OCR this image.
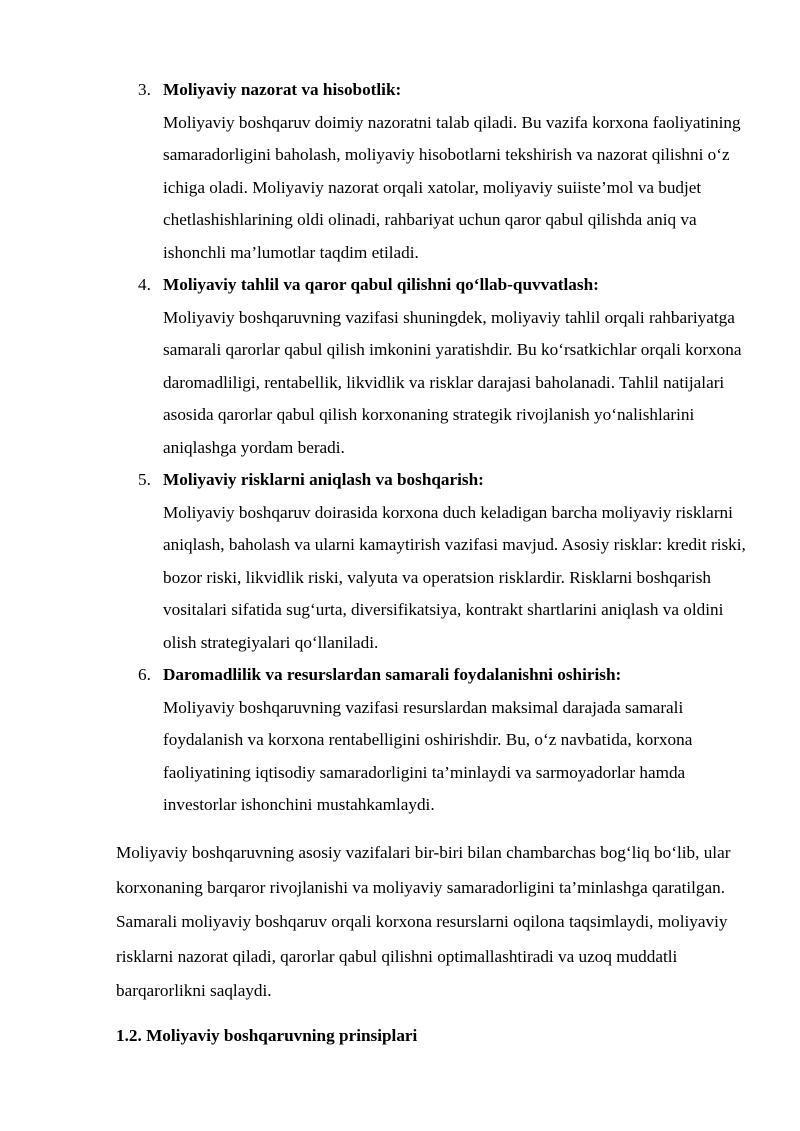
3. Moliyaviy nazorat va hisobotlik:
Moliyaviy boshqaruv doimiy nazoratni talab qiladi. Bu vazifa korxona faoliyatining samaradorligini baholash, moliyaviy hisobotlarni tekshirish va nazorat qilishni o‘z ichiga oladi. Moliyaviy nazorat orqali xatolar, moliyaviy suiiste’mol va budjet chetlashishlarining oldi olinadi, rahbariyat uchun qaror qabul qilishda aniq va ishonchli ma’lumotlar taqdim etiladi.
4. Moliyaviy tahlil va qaror qabul qilishni qo‘llab-quvvatlash:
Moliyaviy boshqaruvning vazifasi shuningdek, moliyaviy tahlil orqali rahbariyatga samarali qarorlar qabul qilish imkonini yaratishdir. Bu ko‘rsatkichlar orqali korxona daromadliligi, rentabellik, likvidlik va risklar darajasi baholanadi. Tahlil natijalari asosida qarorlar qabul qilish korxonaning strategik rivojlanish yo‘nalishlarini aniqlashga yordam beradi.
5. Moliyaviy risklarni aniqlash va boshqarish:
Moliyaviy boshqaruv doirasida korxona duch keladigan barcha moliyaviy risklarni aniqlash, baholash va ularni kamaytirish vazifasi mavjud. Asosiy risklar: kredit riski, bozor riski, likvidlik riski, valyuta va operatsion risklardir. Risklarni boshqarish vositalari sifatida sug‘urta, diversifikatsiya, kontrakt shartlarini aniqlash va oldini olish strategiyalari qo‘llaniladi.
6. Daromadlilik va resurslardan samarali foydalanishni oshirish:
Moliyaviy boshqaruvning vazifasi resurslardan maksimal darajada samarali foydalanish va korxona rentabelligini oshirishdir. Bu, o‘z navbatida, korxona faoliyatining iqtisodiy samaradorligini ta’minlaydi va sarmoyadorlar hamda investorlar ishonchini mustahkamlaydi.

Moliyaviy boshqaruvning asosiy vazifalari bir-biri bilan chambarchas bog‘liq bo‘lib, ular korxonaning barqaror rivojlanishi va moliyaviy samaradorligini ta’minlashga qaratilgan. Samarali moliyaviy boshqaruv orqali korxona resurslarni oqilona taqsimlaydi, moliyaviy risklarni nazorat qiladi, qarorlar qabul qilishni optimallashtiradi va uzoq muddatli barqarorlikni saqlaydi.

1.2. Moliyaviy boshqaruvning prinsiplari
